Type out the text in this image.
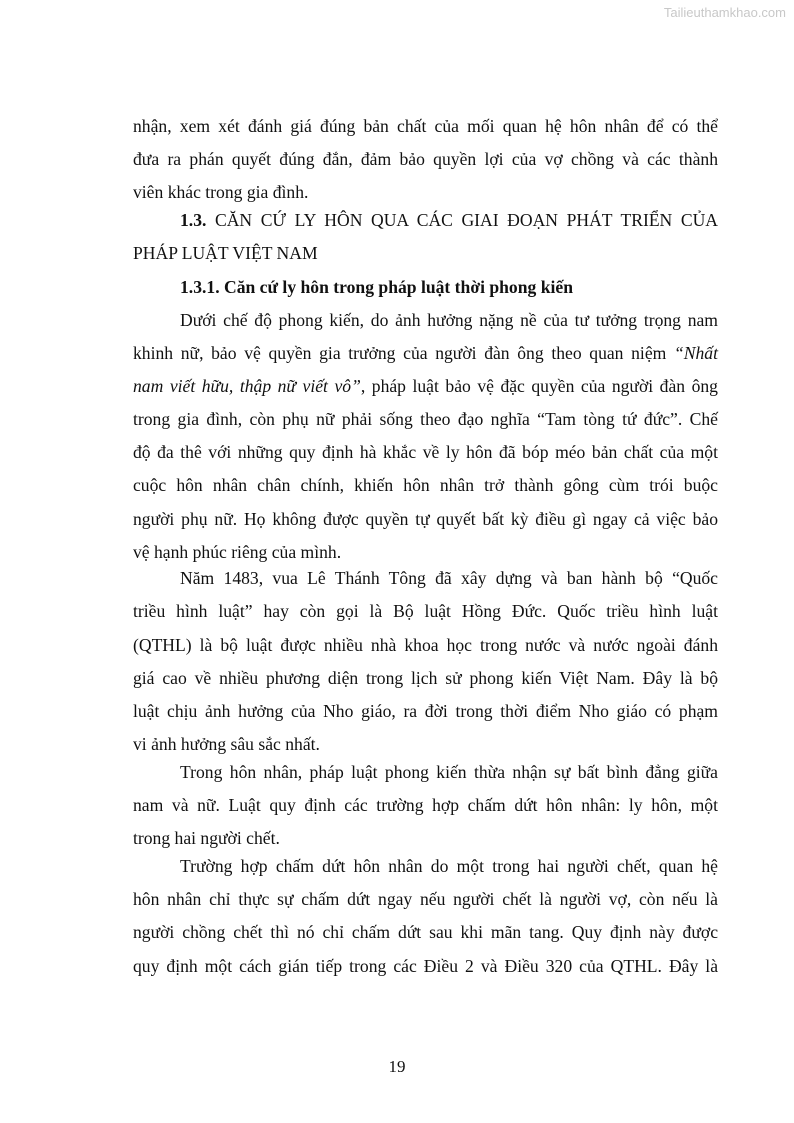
Tailieuthamkhao.com
nhận, xem xét đánh giá đúng bản chất của mối quan hệ hôn nhân để có thể
đưa ra phán quyết đúng đắn, đảm bảo quyền lợi của vợ chồng và các thành
viên khác trong gia đình.
1.3. CĂN CỨ LY HÔN QUA CÁC GIAI ĐOẠN PHÁT TRIỂN CỦA
PHÁP LUẬT VIỆT NAM
1.3.1. Căn cứ ly hôn trong pháp luật thời phong kiến
Dưới chế độ phong kiến, do ảnh hưởng nặng nề của tư tưởng trọng nam
khinh nữ, bảo vệ quyền gia trưởng của người đàn ông theo quan niệm “Nhất
nam viết hữu, thập nữ viết vô”, pháp luật bảo vệ đặc quyền của người đàn ông
trong gia đình, còn phụ nữ phải sống theo đạo nghĩa “Tam tòng tứ đức”. Chế
độ đa thê với những quy định hà khắc về ly hôn đã bóp méo bản chất của một
cuộc hôn nhân chân chính, khiến hôn nhân trở thành gông cùm trói buộc
người phụ nữ. Họ không được quyền tự quyết bất kỳ điều gì ngay cả việc bảo
vệ hạnh phúc riêng của mình.
Năm 1483, vua Lê Thánh Tông đã xây dựng và ban hành bộ “Quốc
triều hình luật” hay còn gọi là Bộ luật Hồng Đức. Quốc triều hình luật
(QTHL) là bộ luật được nhiều nhà khoa học trong nước và nước ngoài đánh
giá cao về nhiều phương diện trong lịch sử phong kiến Việt Nam. Đây là bộ
luật chịu ảnh hưởng của Nho giáo, ra đời trong thời điểm Nho giáo có phạm
vi ảnh hưởng sâu sắc nhất.
Trong hôn nhân, pháp luật phong kiến thừa nhận sự bất bình đẳng giữa
nam và nữ. Luật quy định các trường hợp chấm dứt hôn nhân: ly hôn, một
trong hai người chết.
Trường hợp chấm dứt hôn nhân do một trong hai người chết, quan hệ
hôn nhân chỉ thực sự chấm dứt ngay nếu người chết là người vợ, còn nếu là
người chồng chết thì nó chỉ chấm dứt sau khi mãn tang. Quy định này được
quy định một cách gián tiếp trong các Điều 2 và Điều 320 của QTHL. Đây là
19
